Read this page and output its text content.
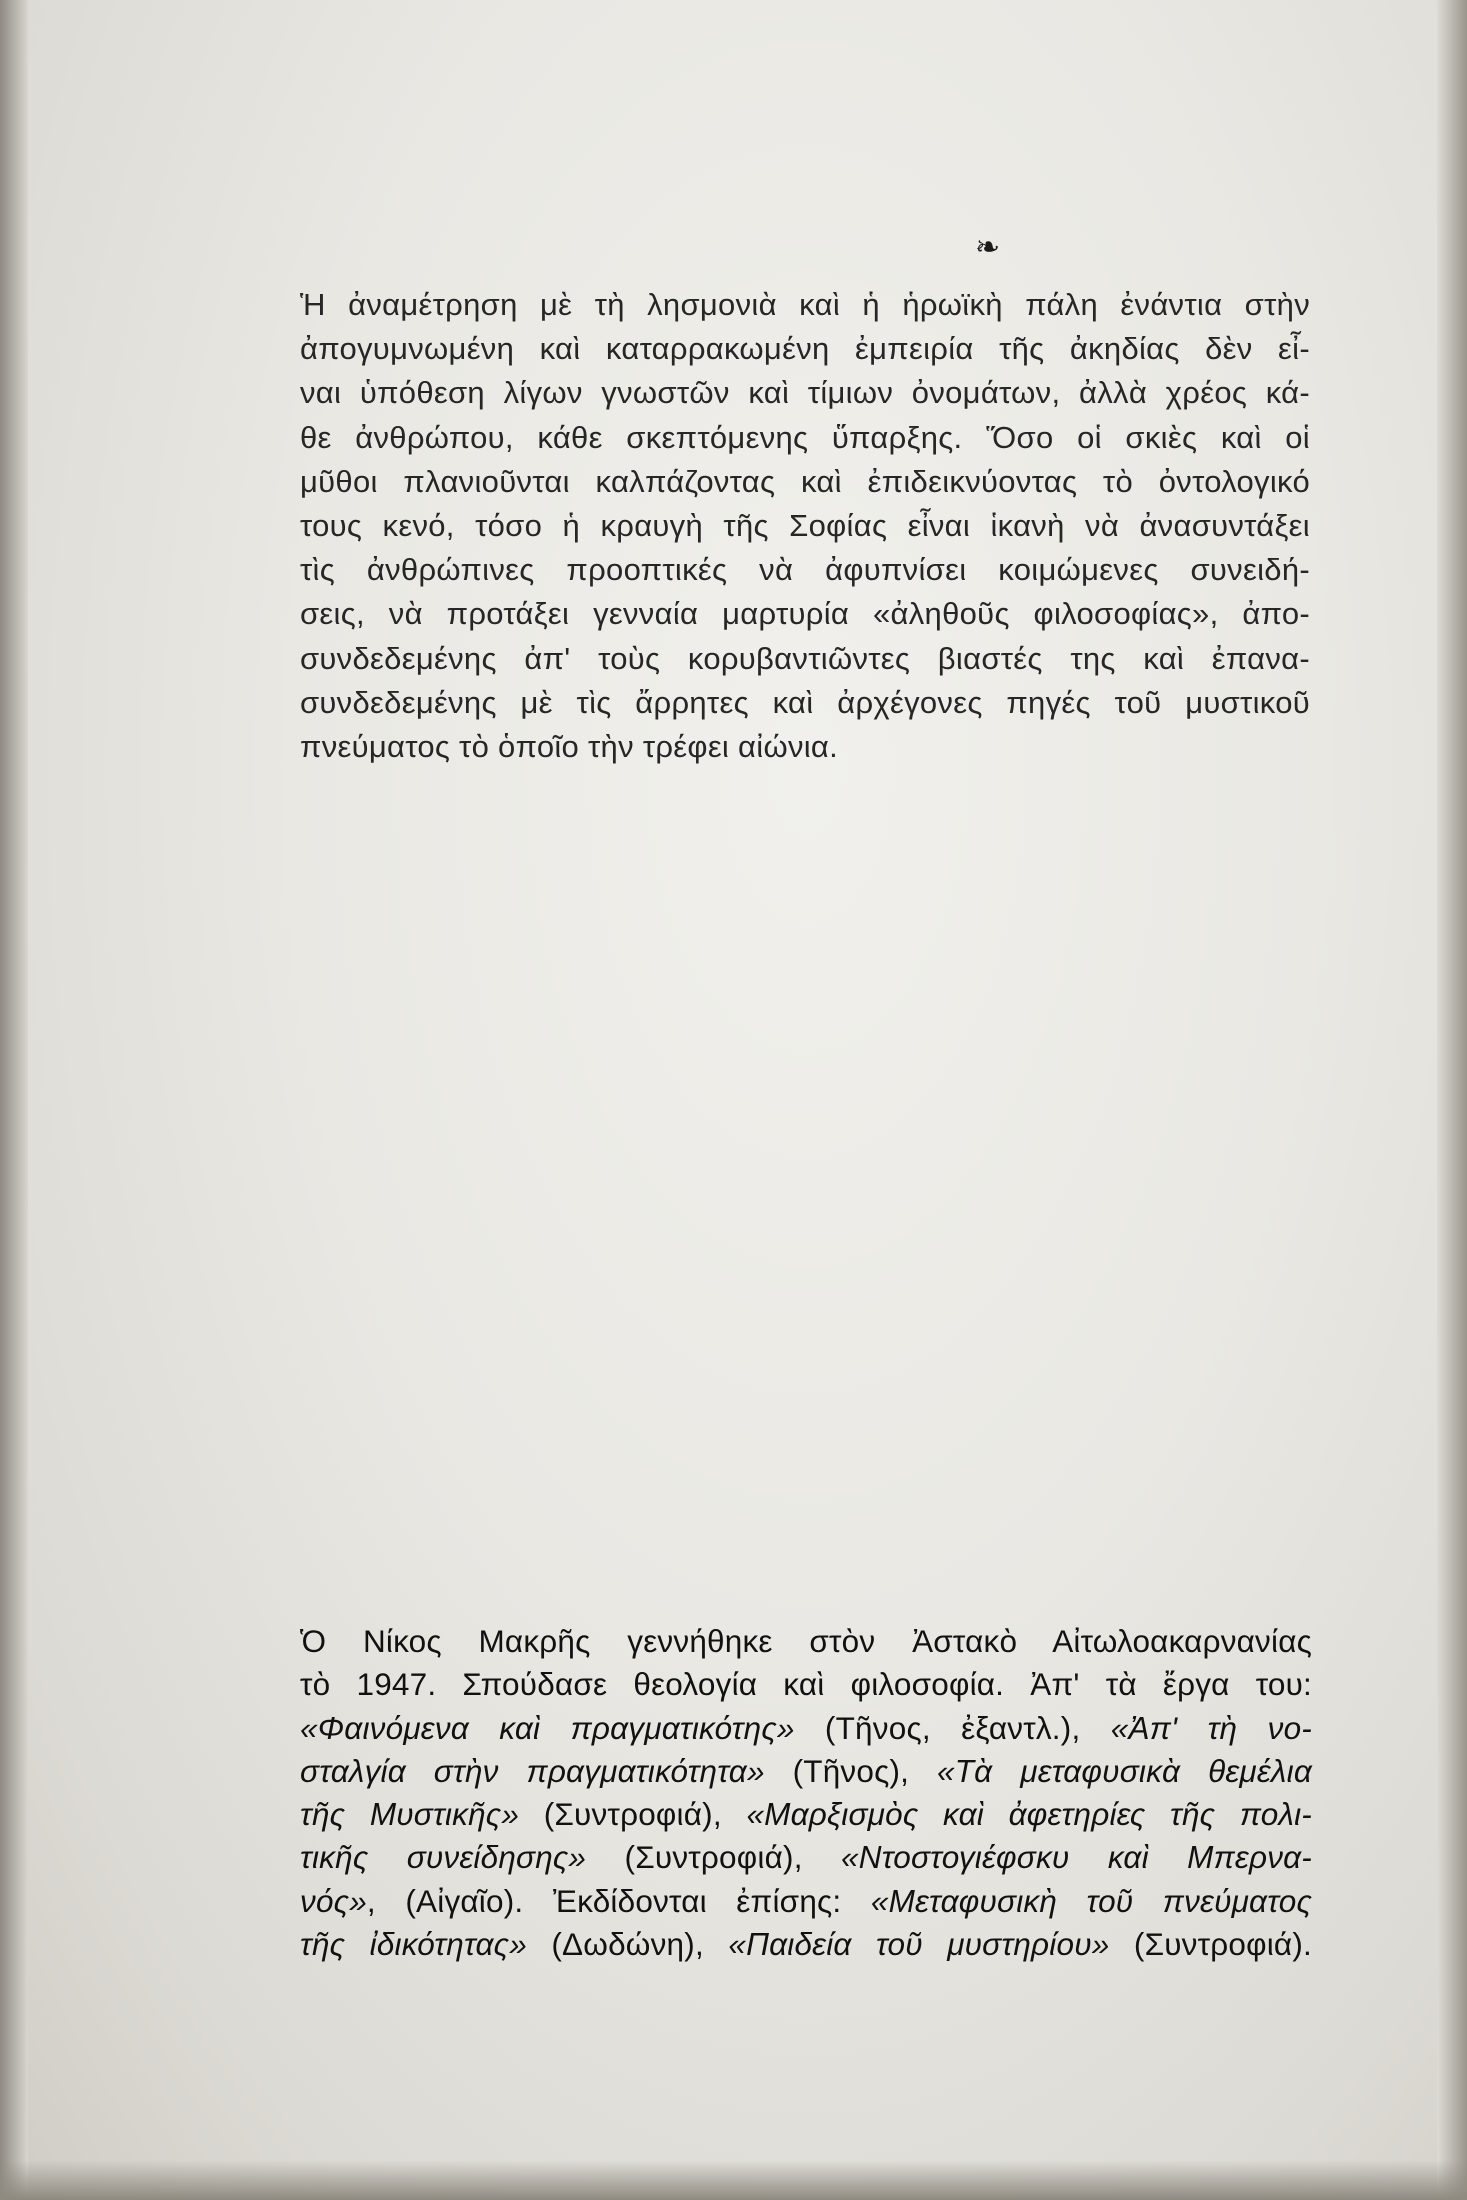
❧
Ἡ ἀναμέτρηση μὲ τὴ λησμονιὰ καὶ ἡ ἡρωϊκὴ πάλη ἐνάντια στὴν
ἀπογυμνωμένη καὶ καταρρακωμένη ἐμπειρία τῆς ἀκηδίας δὲν εἶ-
ναι ὑπόθεση λίγων γνωστῶν καὶ τίμιων ὀνομάτων, ἀλλὰ χρέος κά-
θε ἀνθρώπου, κάθε σκεπτόμενης ὕπαρξης. Ὅσο οἱ σκιὲς καὶ οἱ
μῦθοι πλανιοῦνται καλπάζοντας καὶ ἐπιδεικνύοντας τὸ ὀντολογικό
τους κενό, τόσο ἡ κραυγὴ τῆς Σοφίας εἶναι ἱκανὴ νὰ ἀνασυντάξει
τὶς ἀνθρώπινες προοπτικές νὰ ἀφυπνίσει κοιμώμενες συνειδή-
σεις, νὰ προτάξει γενναία μαρτυρία «ἀληθοῦς φιλοσοφίας», ἀπο-
συνδεδεμένης ἀπ' τοὺς κορυβαντιῶντες βιαστές της καὶ ἐπανα-
συνδεδεμένης μὲ τὶς ἄρρητες καὶ ἀρχέγονες πηγές τοῦ μυστικοῦ
πνεύματος τὸ ὁποῖο τὴν τρέφει αἰώνια.
Ὁ Νίκος Μακρῆς γεννήθηκε στὸν Ἀστακὸ Αἰτωλοακαρνανίας
τὸ 1947. Σπούδασε θεολογία καὶ φιλοσοφία. Ἀπ' τὰ ἔργα του:
«Φαινόμενα καὶ πραγματικότης» (Τῆνος, ἐξαντλ.), «Ἀπ' τὴ νο-
σταλγία στὴν πραγματικότητα» (Τῆνος), «Τὰ μεταφυσικὰ θεμέλια
τῆς Μυστικῆς» (Συντροφιά), «Μαρξισμὸς καὶ ἀφετηρίες τῆς πολι-
τικῆς συνείδησης» (Συντροφιά), «Ντοστογιέφσκυ καὶ Μπερνα-
νός», (Αἰγαῖο). Ἐκδίδονται ἐπίσης: «Μεταφυσικὴ τοῦ πνεύματος
τῆς ἰδικότητας» (Δωδώνη), «Παιδεία τοῦ μυστηρίου» (Συντροφιά).
